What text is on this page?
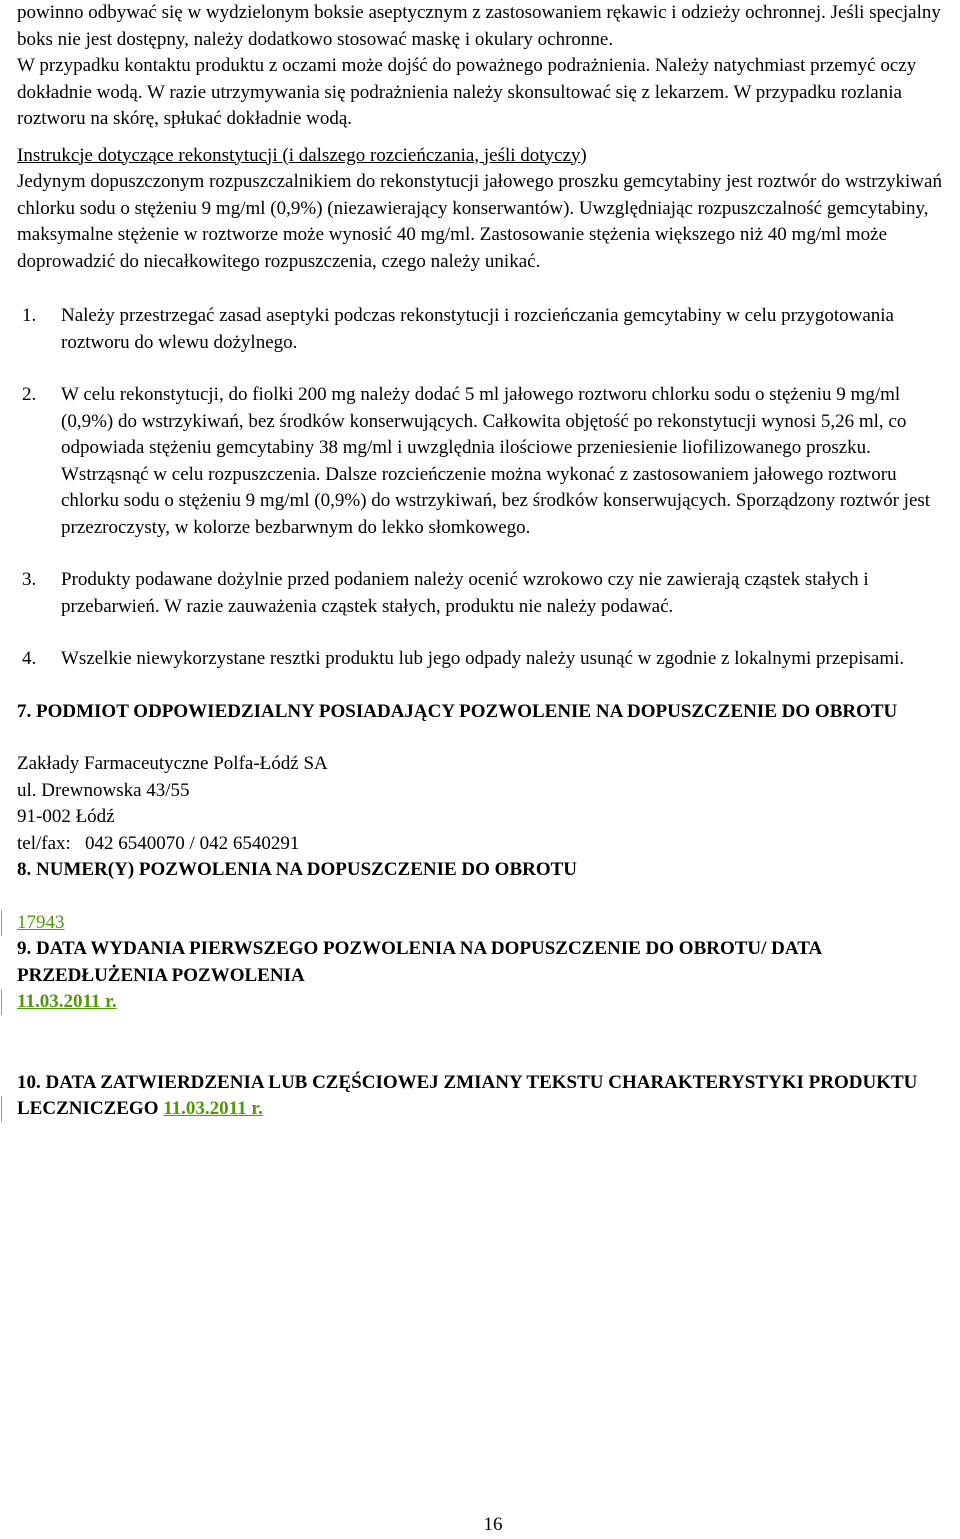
powinno odbywać się w wydzielonym boksie aseptycznym z zastosowaniem rękawic i odzieży ochronnej. Jeśli specjalny boks nie jest dostępny, należy dodatkowo stosować maskę i okulary ochronne.

W przypadku kontaktu produktu z oczami może dojść do poważnego podrażnienia. Należy natychmiast przemyć oczy dokładnie wodą. W razie utrzymywania się podrażnienia należy skonsultować się z lekarzem. W przypadku rozlania roztworu na skórę, spłukać dokładnie wodą.

Instrukcje dotyczące rekonstytucji (i dalszego rozcieńczania, jeśli dotyczy)

Jedynym dopuszczonym rozpuszczalnikiem do rekonstytucji jałowego proszku gemcytabiny jest roztwór do wstrzykiwań chlorku sodu o stężeniu 9 mg/ml (0,9%) (niezawierający konserwantów). Uwzględniając rozpuszczalność gemcytabiny, maksymalne stężenie w roztworze może wynosić 40 mg/ml. Zastosowanie stężenia większego niż 40 mg/ml może doprowadzić do niecałkowitego rozpuszczenia, czego należy unikać.

1. Należy przestrzegać zasad aseptyki podczas rekonstytucji i rozcieńczania gemcytabiny w celu przygotowania roztworu do wlewu dożylnego.
2. W celu rekonstytucji, do fiolki 200 mg należy dodać 5 ml jałowego roztworu chlorku sodu o stężeniu 9 mg/ml (0,9%) do wstrzykiwań, bez środków konserwujących. Całkowita objętość po rekonstytucji wynosi 5,26 ml, co odpowiada stężeniu gemcytabiny 38 mg/ml i uwzględnia ilościowe przeniesienie liofilizowanego proszku. Wstrząsnąć w celu rozpuszczenia. Dalsze rozcieńczenie można wykonać z zastosowaniem jałowego roztworu chlorku sodu o stężeniu 9 mg/ml (0,9%) do wstrzykiwań, bez środków konserwujących. Sporządzony roztwór jest przezroczysty, w kolorze bezbarwnym do lekko słomkowego.
3. Produkty podawane dożylnie przed podaniem należy ocenić wzrokowo czy nie zawierają cząstek stałych i przebarwień. W razie zauważenia cząstek stałych, produktu nie należy podawać.
4. Wszelkie niewykorzystane resztki produktu lub jego odpady należy usunąć w zgodnie z lokalnymi przepisami.
7. PODMIOT ODPOWIEDZIALNY POSIADAJĄCY POZWOLENIE NA DOPUSZCZENIE DO OBROTU

Zakłady Farmaceutyczne Polfa-Łódź SA

ul. Drewnowska 43/55

91-002 Łódź

tel/fax:   042 6540070 / 042 6540291

8. NUMER(Y) POZWOLENIA NA DOPUSZCZENIE DO OBROTU

17943

9. DATA WYDANIA PIERWSZEGO POZWOLENIA NA DOPUSZCZENIE DO OBROTU/ DATA PRZEDŁUŻENIA POZWOLENIA

11.03.2011 r.

10. DATA ZATWIERDZENIA LUB CZĘŚCIOWEJ ZMIANY TEKSTU CHARAKTERYSTYKI PRODUKTU LECZNICZEGO 11.03.2011 r.
16
